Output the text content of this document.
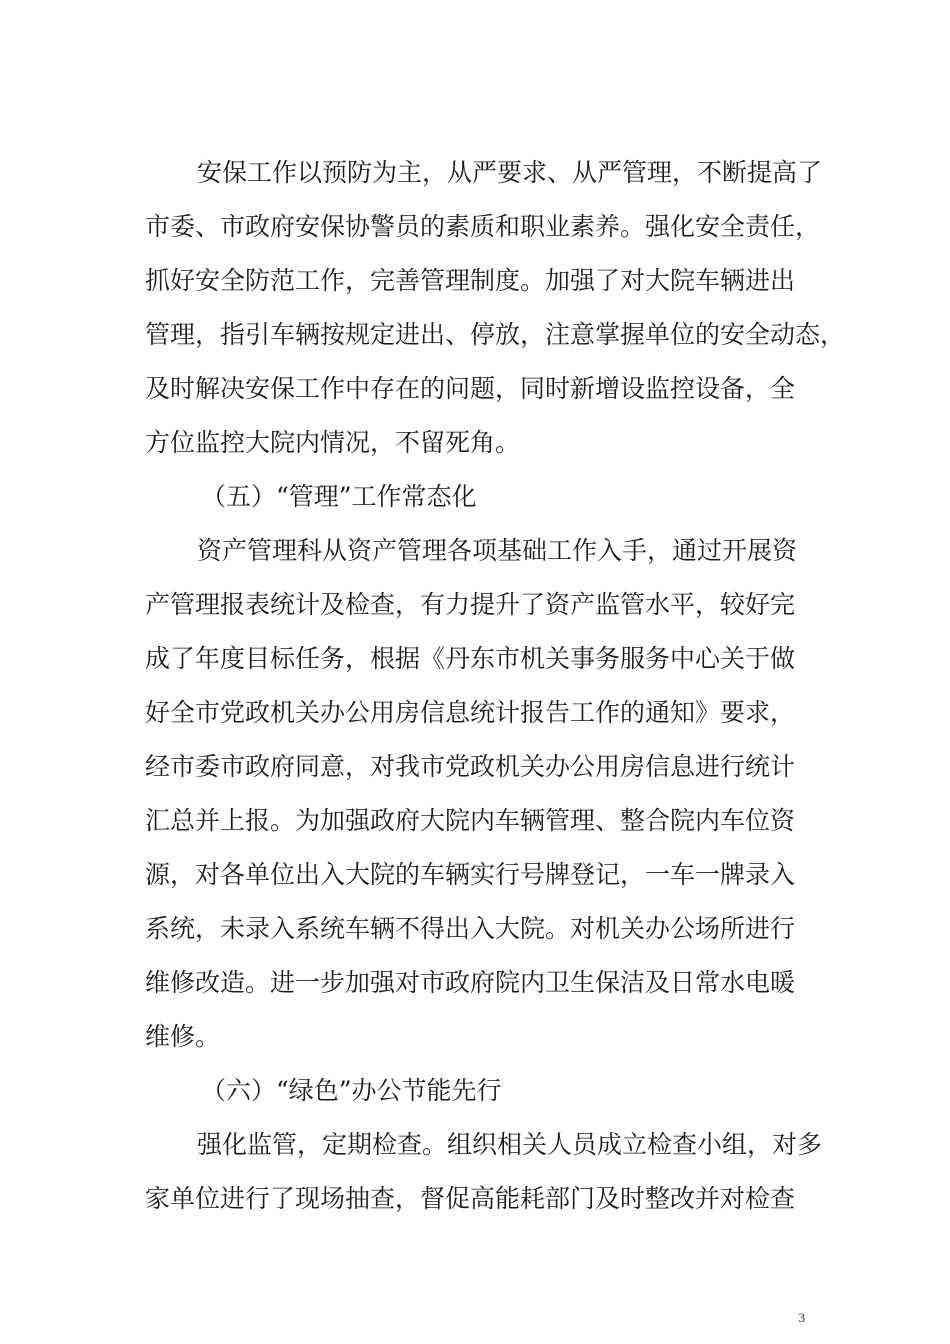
安保工作以预防为主，从严要求、从严管理，不断提高了
市委、市政府安保协警员的素质和职业素养。强化安全责任，
抓好安全防范工作，完善管理制度。加强了对大院车辆进出
管理，指引车辆按规定进出、停放，注意掌握单位的安全动态，
及时解决安保工作中存在的问题，同时新增设监控设备，全
方位监控大院内情况，不留死角。
（五）“管理”工作常态化
资产管理科从资产管理各项基础工作入手，通过开展资
产管理报表统计及检查，有力提升了资产监管水平，较好完
成了年度目标任务，根据《丹东市机关事务服务中心关于做
好全市党政机关办公用房信息统计报告工作的通知》要求，
经市委市政府同意，对我市党政机关办公用房信息进行统计
汇总并上报。为加强政府大院内车辆管理、整合院内车位资
源，对各单位出入大院的车辆实行号牌登记，一车一牌录入
系统，未录入系统车辆不得出入大院。对机关办公场所进行
维修改造。进一步加强对市政府院内卫生保洁及日常水电暖
维修。
（六）“绿色”办公节能先行
强化监管，定期检查。组织相关人员成立检查小组，对多
家单位进行了现场抽查，督促高能耗部门及时整改并对检查
3
